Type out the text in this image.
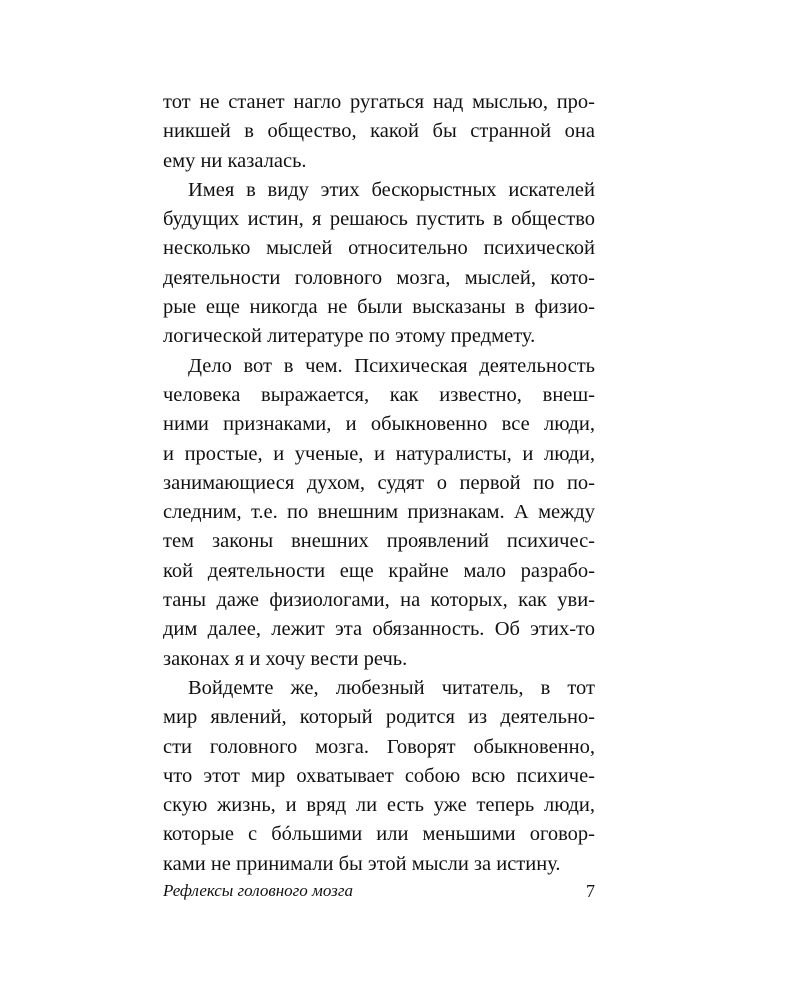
тот не станет нагло ругаться над мыслью, про-
никшей в общество, какой бы странной она
ему ни казалась.
Имея в виду этих бескорыстных искателей
будущих истин, я решаюсь пустить в общество
несколько мыслей относительно психической
деятельности головного мозга, мыслей, кото-
рые еще никогда не были высказаны в физио-
логической литературе по этому предмету.
Дело вот в чем. Психическая деятельность
человека выражается, как известно, внеш-
ними признаками, и обыкновенно все люди,
и простые, и ученые, и натуралисты, и люди,
занимающиеся духом, судят о первой по по-
следним, т.е. по внешним признакам. А между
тем законы внешних проявлений психичес-
кой деятельности еще крайне мало разрабо-
таны даже физиологами, на которых, как уви-
дим далее, лежит эта обязанность. Об этих-то
законах я и хочу вести речь.
Войдемте же, любезный читатель, в тот
мир явлений, который родится из деятельно-
сти головного мозга. Говорят обыкновенно,
что этот мир охватывает собою всю психиче-
скую жизнь, и вряд ли есть уже теперь люди,
которые с бóльшими или меньшими оговор-
ками не принимали бы этой мысли за истину.
Рефлексы головного мозга	7
